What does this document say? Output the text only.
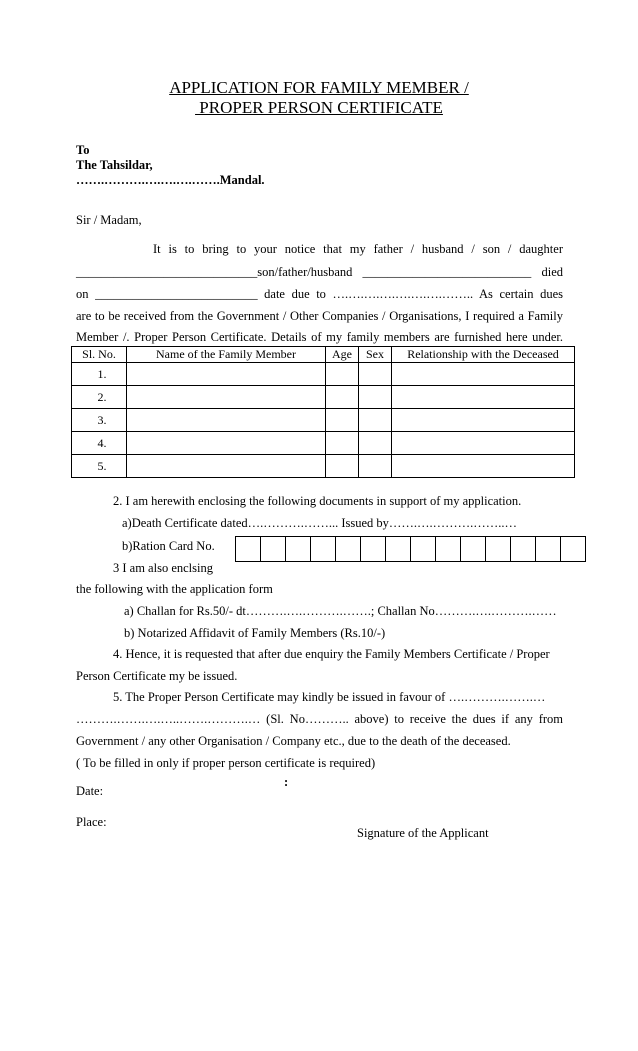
APPLICATION FOR FAMILY MEMBER /
PROPER PERSON CERTIFICATE
To
The Tahsildar,
…….……….….….….…….Mandal.
Sir / Madam,
It is to bring to your notice that my father / husband / son / daughter
_____________________________son/father/husband ___________________________ died
on __________________________ date due to ….….….….….….….…….. As certain dues
are to be received from the Government / Other Companies / Organisations, I required a Family
Member /. Proper Person Certificate. Details of my family members are furnished here under.
Sl. No.	Name of the Family Member	Age	Sex	Relationship with the Deceased
1.				
2.				
3.				
4.				
5.				
2. I am herewith enclosing the following documents in support of my application.
a)Death Certificate dated….……….……... Issued by…….….……….……..…
b)Ration Card No.
3 I am also enclsing
the following with the application form
a) Challan for Rs.50/- dt……….….……….…….; Challan No……….….……….……
b) Notarized Affidavit of Family Members (Rs.10/-)
4. Hence, it is requested that after due enquiry the Family Members Certificate / Proper
Person Certificate my be issued.
5. The Proper Person Certificate may kindly be issued in favour of ….……….…….…
……….…….….…..…….……….… (Sl. No……….. above) to receive the dues if any from
Government / any other Organisation / Company etc., due to the death of the deceased.
( To be filled in only if proper person certificate is required)
:
Date:
Place:
Signature of the Applicant
